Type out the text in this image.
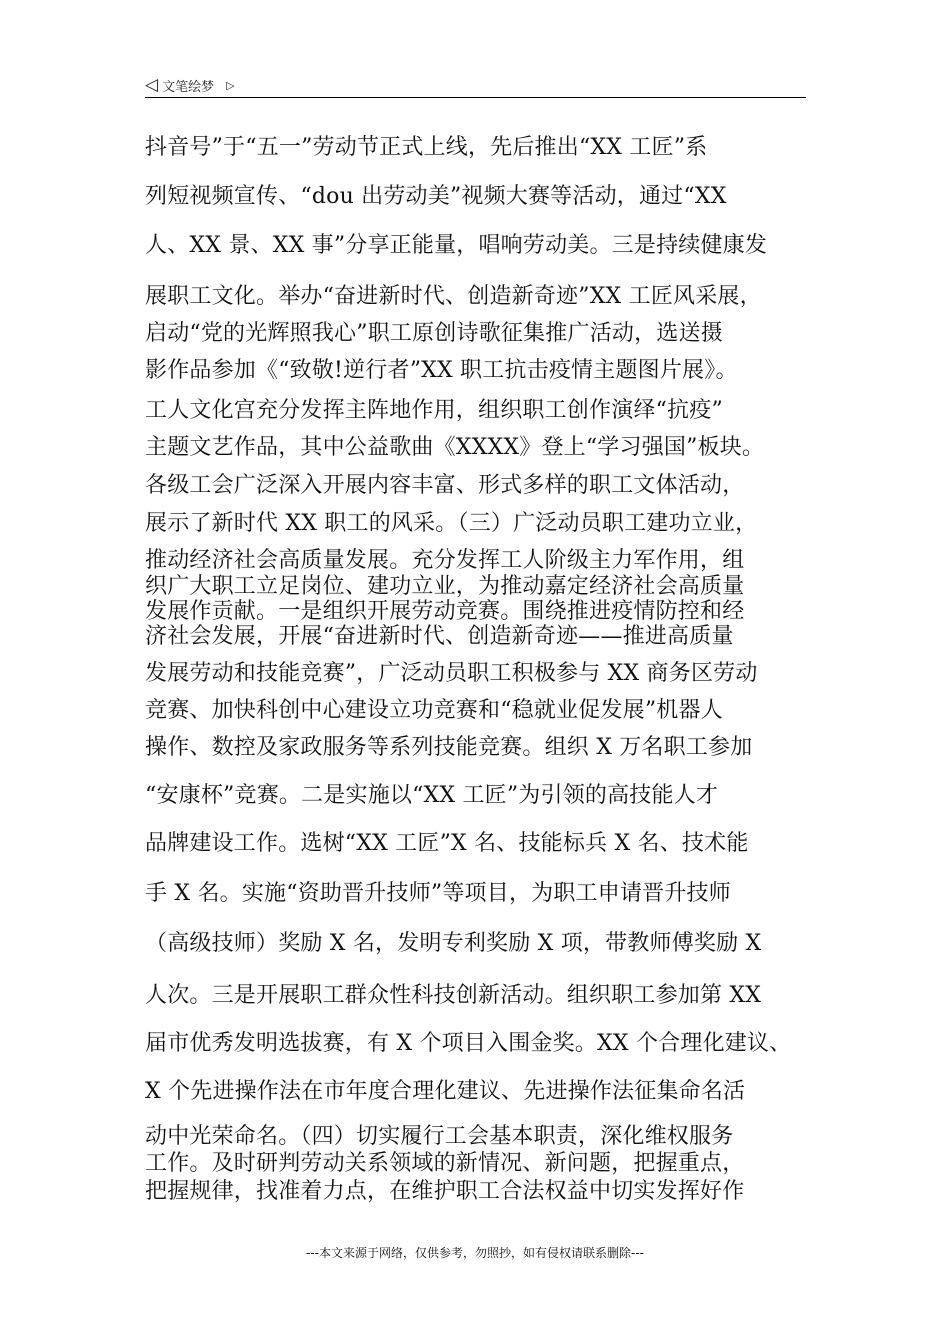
◁ 文笔绘梦 ▷
抖音号”于“五一”劳动节正式上线，先后推出“XX 工匠”系
列短视频宣传、“dou 出劳动美”视频大赛等活动，通过“XX
人、XX 景、XX 事”分享正能量，唱响劳动美。三是持续健康发
展职工文化。举办“奋进新时代、创造新奇迹”XX 工匠风采展，
启动“党的光辉照我心”职工原创诗歌征集推广活动，选送摄
影作品参加《“致敬!逆行者”XX 职工抗击疫情主题图片展》。
工人文化宫充分发挥主阵地作用，组织职工创作演绎“抗疫”
主题文艺作品，其中公益歌曲《XXXX》登上“学习强国”板块。
各级工会广泛深入开展内容丰富、形式多样的职工文体活动，
展示了新时代 XX 职工的风采。（三）广泛动员职工建功立业，
推动经济社会高质量发展。充分发挥工人阶级主力军作用，组
织广大职工立足岗位、建功立业，为推动嘉定经济社会高质量
发展作贡献。一是组织开展劳动竞赛。围绕推进疫情防控和经
济社会发展，开展“奋进新时代、创造新奇迹——推进高质量
发展劳动和技能竞赛”，广泛动员职工积极参与 XX 商务区劳动
竞赛、加快科创中心建设立功竞赛和“稳就业促发展”机器人
操作、数控及家政服务等系列技能竞赛。组织 X 万名职工参加
“安康杯”竞赛。二是实施以“XX 工匠”为引领的高技能人才
品牌建设工作。选树“XX 工匠”X 名、技能标兵 X 名、技术能
手 X 名。实施“资助晋升技师”等项目，为职工申请晋升技师
（高级技师）奖励 X 名，发明专利奖励 X 项，带教师傅奖励 X
人次。三是开展职工群众性科技创新活动。组织职工参加第 XX
届市优秀发明选拔赛，有 X 个项目入围金奖。XX 个合理化建议、
X 个先进操作法在市年度合理化建议、先进操作法征集命名活
动中光荣命名。（四）切实履行工会基本职责，深化维权服务
工作。及时研判劳动关系领域的新情况、新问题，把握重点，
把握规律，找准着力点，在维护职工合法权益中切实发挥好作
---本文来源于网络，仅供参考，勿照抄，如有侵权请联系删除---
